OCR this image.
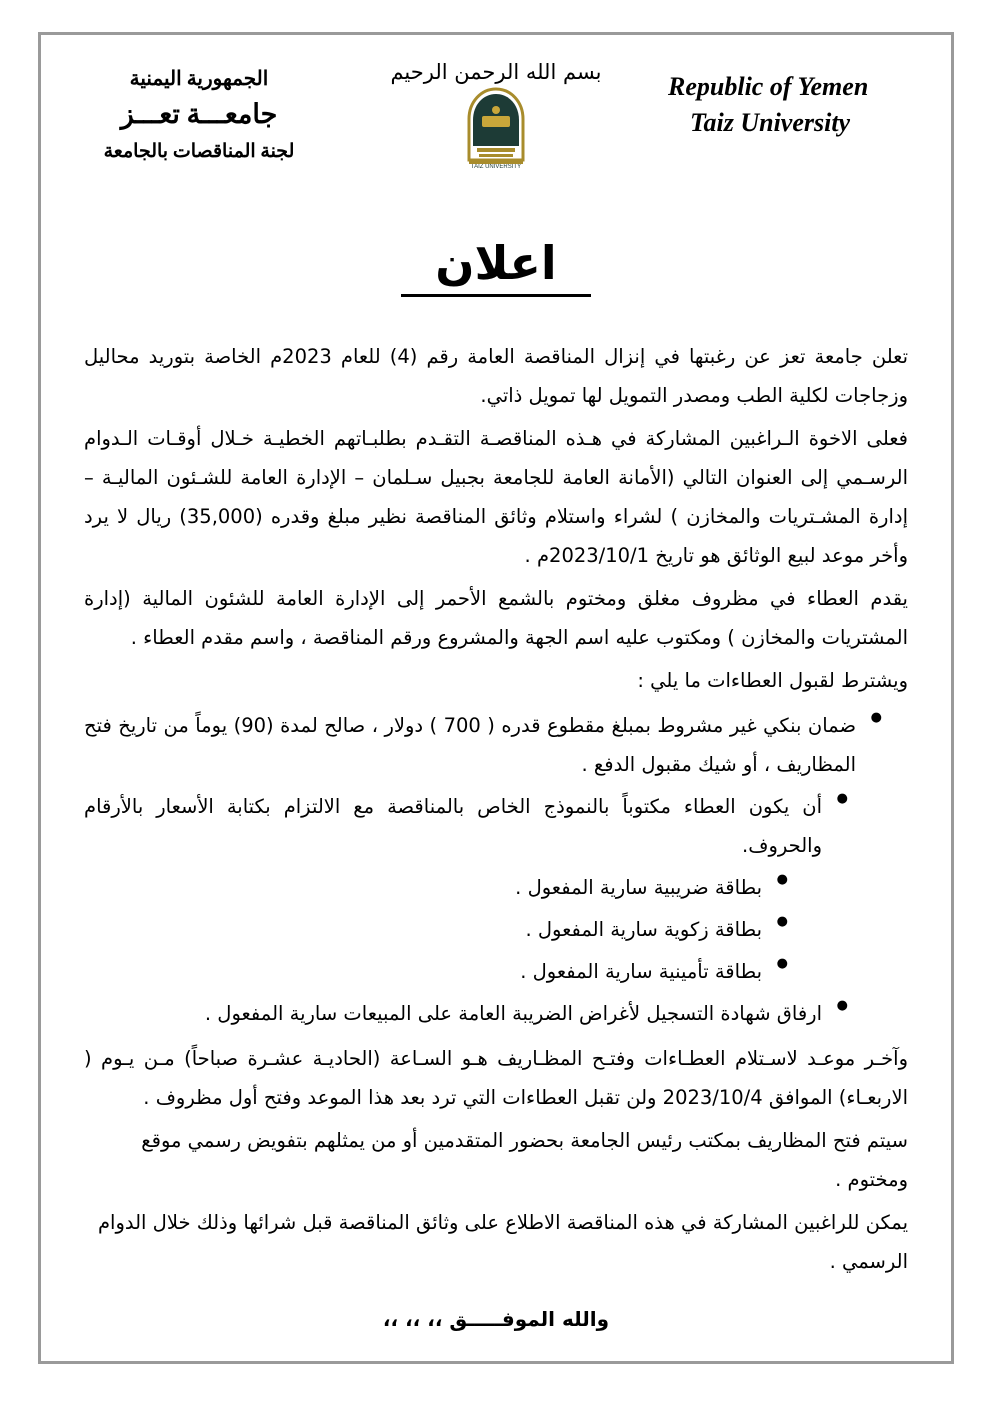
الجمهورية اليمنية
جامعـــة تعـــز
لجنة المناقصات بالجامعة
بسم الله الرحمن الرحيم
TAIZ UNIVERSITY
Republic of Yemen
Taiz University
اعلان

تعلن جامعة تعز عن رغبتها في إنزال المناقصة العامة رقم (4) للعام 2023م الخاصة بتوريد محاليل وزجاجات لكلية الطب ومصدر التمويل لها تمويل ذاتي.

فعلى الاخوة الـراغبين المشاركة في هـذه المناقصـة التقـدم بطلبـاتهم الخطيـة خـلال أوقـات الـدوام الرسـمي إلى العنوان التالي (الأمانة العامة للجامعة بجبيل سـلمان – الإدارة العامة للشـئون الماليـة – إدارة المشـتريات والمخازن ) لشراء واستلام وثائق المناقصة نظير مبلغ وقدره (35,000) ريال لا يرد وأخر موعد لبيع الوثائق هو تاريخ 2023/10/1م .

يقدم العطاء في مظروف مغلق ومختوم بالشمع الأحمر إلى الإدارة العامة للشئون المالية (إدارة المشتريات والمخازن ) ومكتوب عليه اسم الجهة والمشروع ورقم المناقصة ، واسم مقدم العطاء .

ويشترط لقبول العطاءات ما يلي :

● ضمان بنكي غير مشروط بمبلغ مقطوع قدره ( 700 ) دولار ، صالح لمدة (90) يوماً من تاريخ فتح المظاريف ، أو شيك مقبول الدفع .
● أن يكون العطاء مكتوباً بالنموذج الخاص بالمناقصة مع الالتزام بكتابة الأسعار بالأرقام والحروف.
● بطاقة ضريبية سارية المفعول .
● بطاقة زكوية سارية المفعول .
● بطاقة تأمينية سارية المفعول .
● ارفاق شهادة التسجيل لأغراض الضريبة العامة على المبيعات سارية المفعول .

وآخـر موعـد لاسـتلام العطـاءات وفتـح المظـاريف هـو السـاعة (الحاديـة عشـرة صباحاً) مـن يـوم ( الاربعـاء) الموافق 2023/10/4 ولن تقبل العطاءات التي ترد بعد هذا الموعد وفتح أول مظروف .

سيتم فتح المظاريف بمكتب رئيس الجامعة بحضور المتقدمين أو من يمثلهم بتفويض رسمي موقع ومختوم .

يمكن للراغبين المشاركة في هذه المناقصة الاطلاع على وثائق المناقصة قبل شرائها وذلك خلال الدوام الرسمي .

والله الموفـــــق ،، ،، ،،
